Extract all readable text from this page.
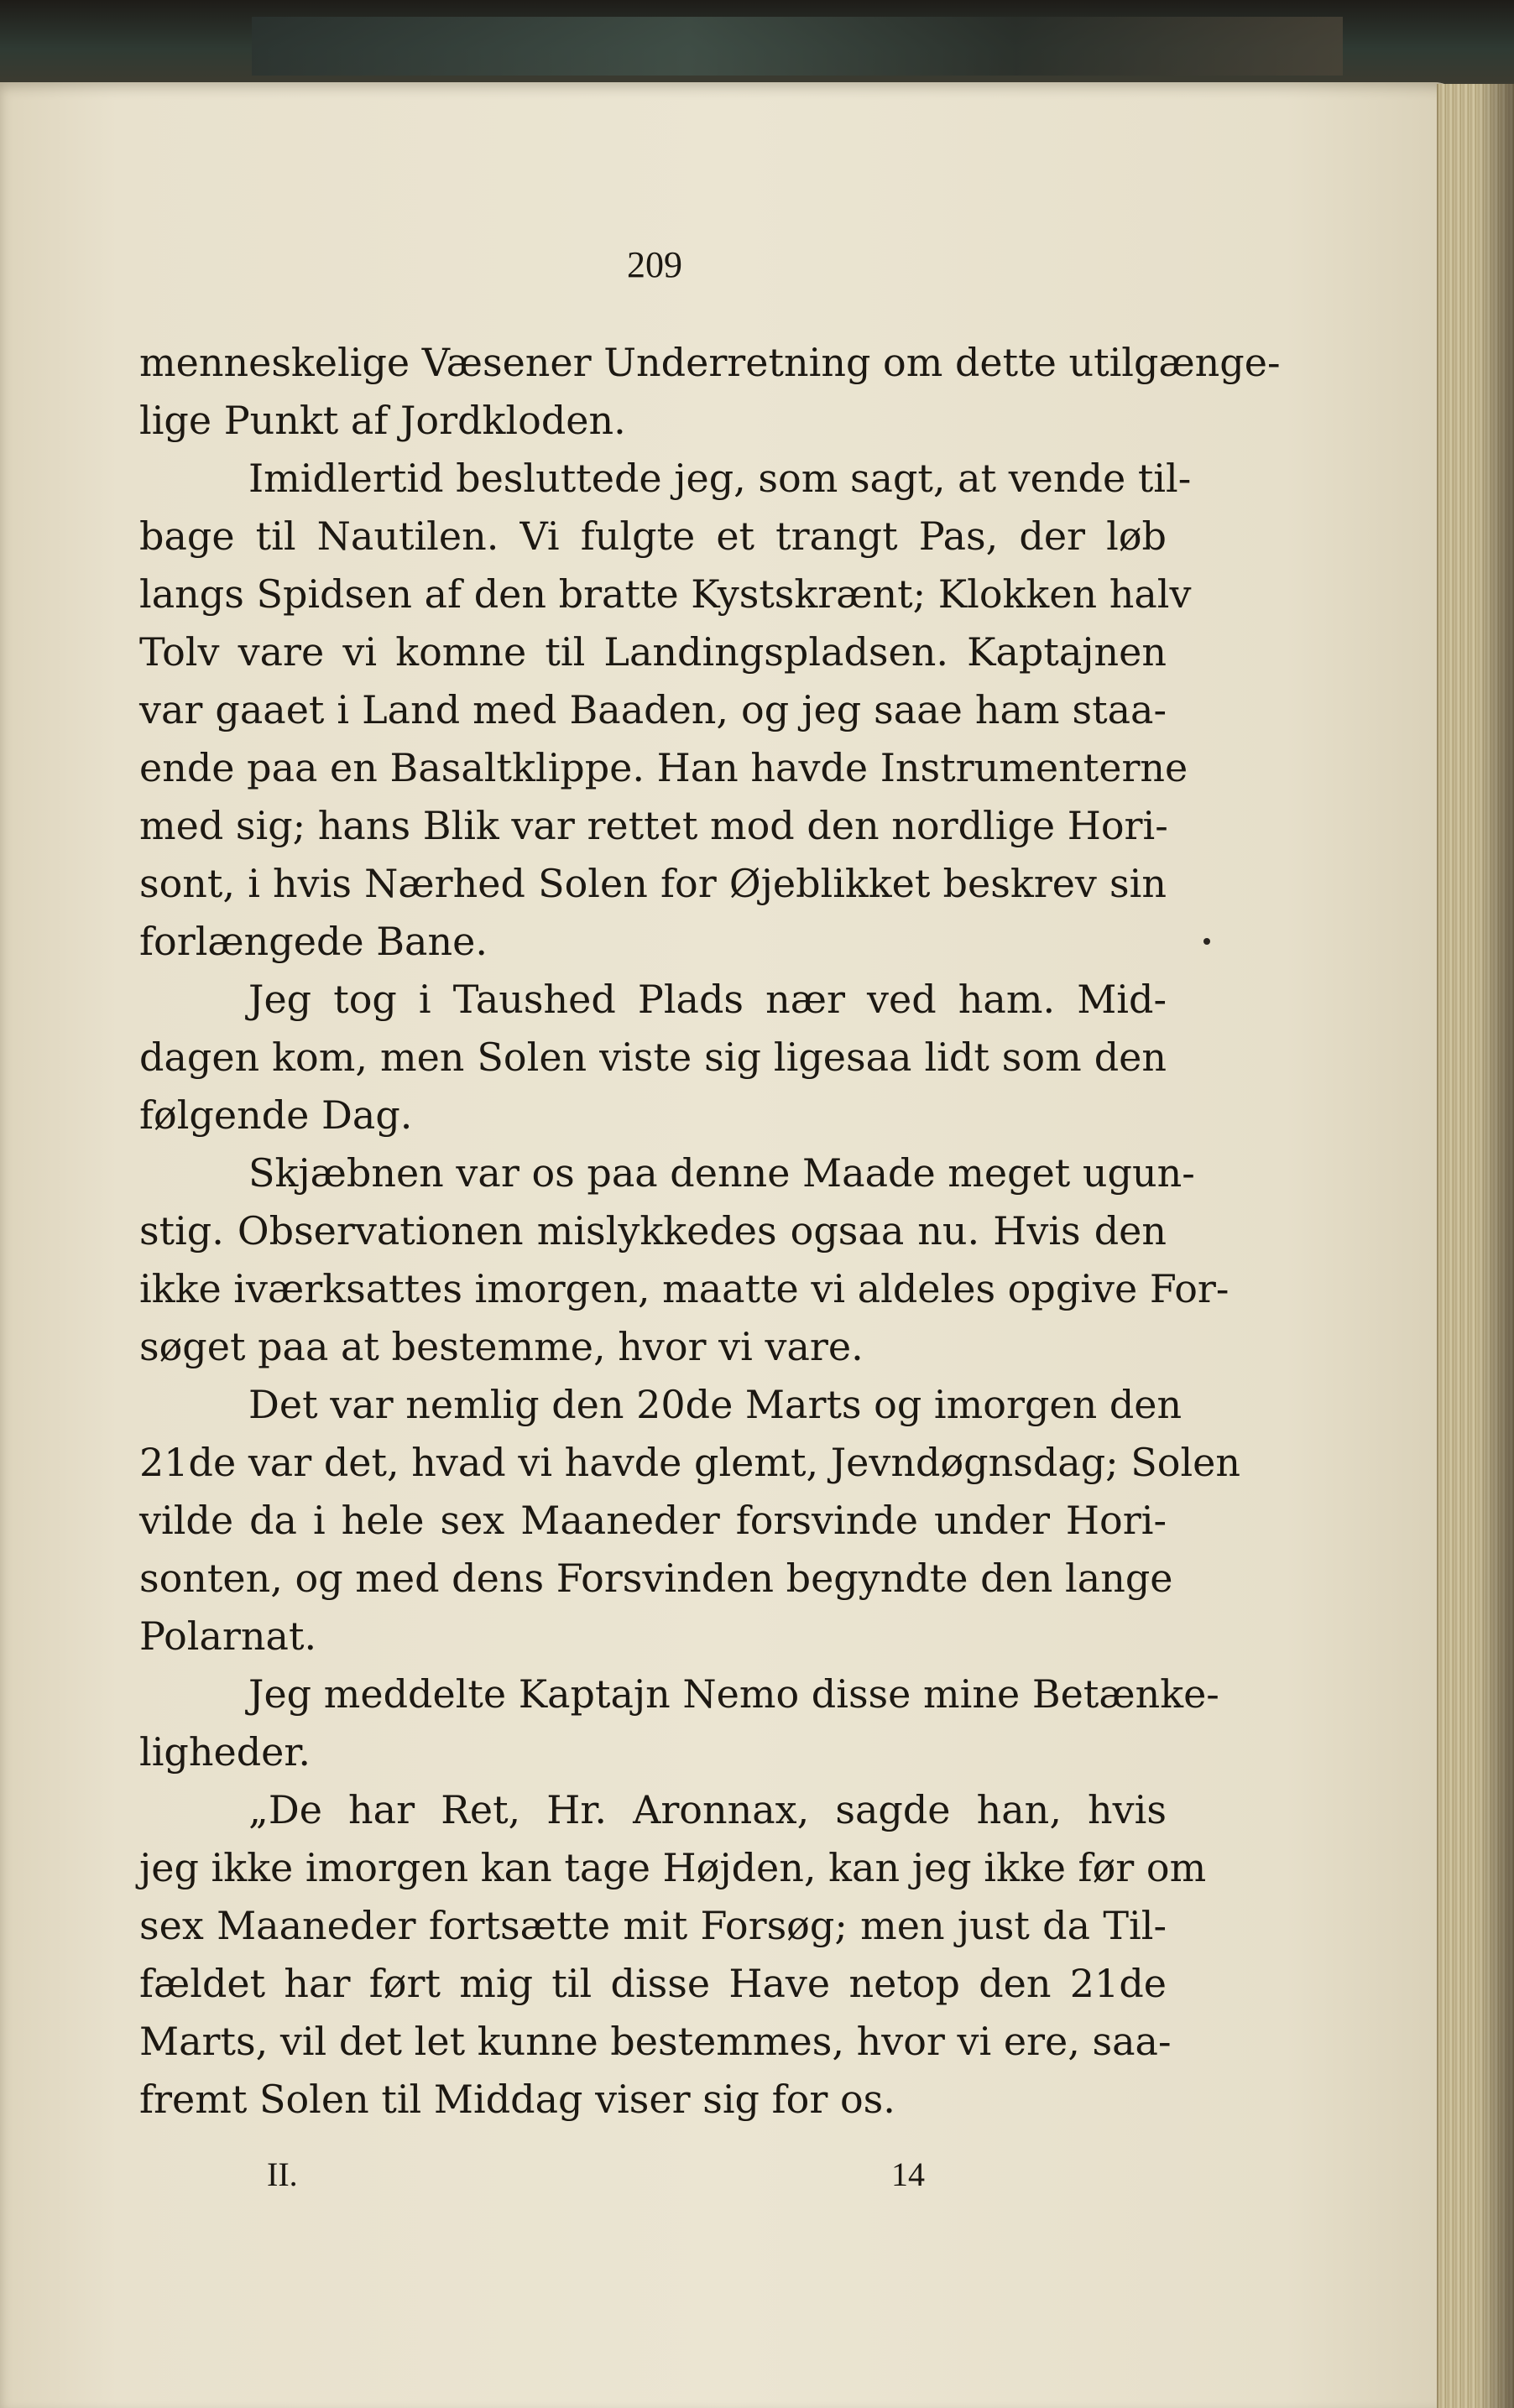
209
menneskelige Væsener Underretning om dette utilgænge-
lige Punkt af Jordkloden.
Imidlertid besluttede jeg, som sagt, at vende til-
bage til Nautilen. Vi fulgte et trangt Pas, der løb
langs Spidsen af den bratte Kystskrænt; Klokken halv
Tolv vare vi komne til Landingspladsen. Kaptajnen
var gaaet i Land med Baaden, og jeg saae ham staa-
ende paa en Basaltklippe. Han havde Instrumenterne
med sig; hans Blik var rettet mod den nordlige Hori-
sont, i hvis Nærhed Solen for Øjeblikket beskrev sin
forlængede Bane.
Jeg tog i Taushed Plads nær ved ham. Mid-
dagen kom, men Solen viste sig ligesaa lidt som den
følgende Dag.
Skjæbnen var os paa denne Maade meget ugun-
stig. Observationen mislykkedes ogsaa nu. Hvis den
ikke iværksattes imorgen, maatte vi aldeles opgive For-
søget paa at bestemme, hvor vi vare.
Det var nemlig den 20de Marts og imorgen den
21de var det, hvad vi havde glemt, Jevndøgnsdag; Solen
vilde da i hele sex Maaneder forsvinde under Hori-
sonten, og med dens Forsvinden begyndte den lange
Polarnat.
Jeg meddelte Kaptajn Nemo disse mine Betænke-
ligheder.
„De har Ret, Hr. Aronnax, sagde han, hvis
jeg ikke imorgen kan tage Højden, kan jeg ikke før om
sex Maaneder fortsætte mit Forsøg; men just da Til-
fældet har ført mig til disse Have netop den 21de
Marts, vil det let kunne bestemmes, hvor vi ere, saa-
fremt Solen til Middag viser sig for os.
II.	14
